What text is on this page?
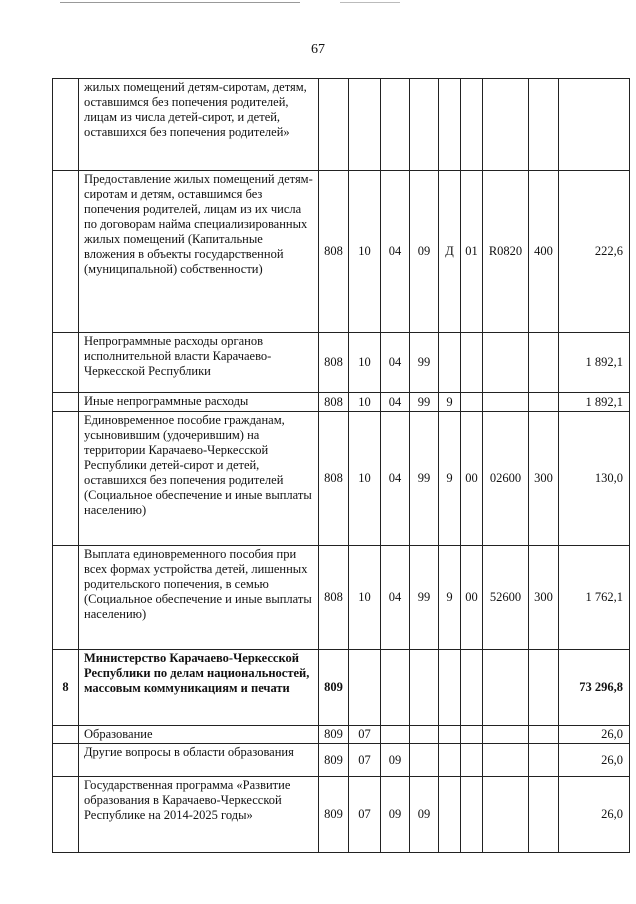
67
	жилых помещений детям-сиротам, детям, оставшимся без попечения родителей, лицам из числа детей-сирот, и детей, оставшихся без попечения родителей»									
	Предоставление жилых помещений детям-сиротам и детям, оставшимся без попечения родителей, лицам из их числа по договорам найма специализированных жилых помещений (Капитальные вложения в объекты государственной (муниципальной) собственности)	808	10	04	09	Д	01	R0820	400	222,6
	Непрограммные расходы органов исполнительной власти Карачаево-Черкесской Республики	808	10	04	99					1 892,1
	Иные непрограммные расходы	808	10	04	99	9				1 892,1
	Единовременное пособие гражданам, усыновившим (удочерившим) на территории Карачаево-Черкесской Республики детей-сирот и детей, оставшихся без попечения родителей (Социальное обеспечение и иные выплаты населению)	808	10	04	99	9	00	02600	300	130,0
	Выплата единовременного пособия при всех формах устройства детей, лишенных родительского попечения, в семью (Социальное обеспечение и иные выплаты населению)	808	10	04	99	9	00	52600	300	1 762,1
8	Министерство Карачаево-Черкесской Республики по делам национальностей, массовым коммуникациям и печати	809								73 296,8
	Образование	809	07							26,0
	Другие вопросы в области образования	809	07	09						26,0
	Государственная программа «Развитие образования в Карачаево-Черкесской Республике на 2014-2025 годы»	809	07	09	09					26,0
